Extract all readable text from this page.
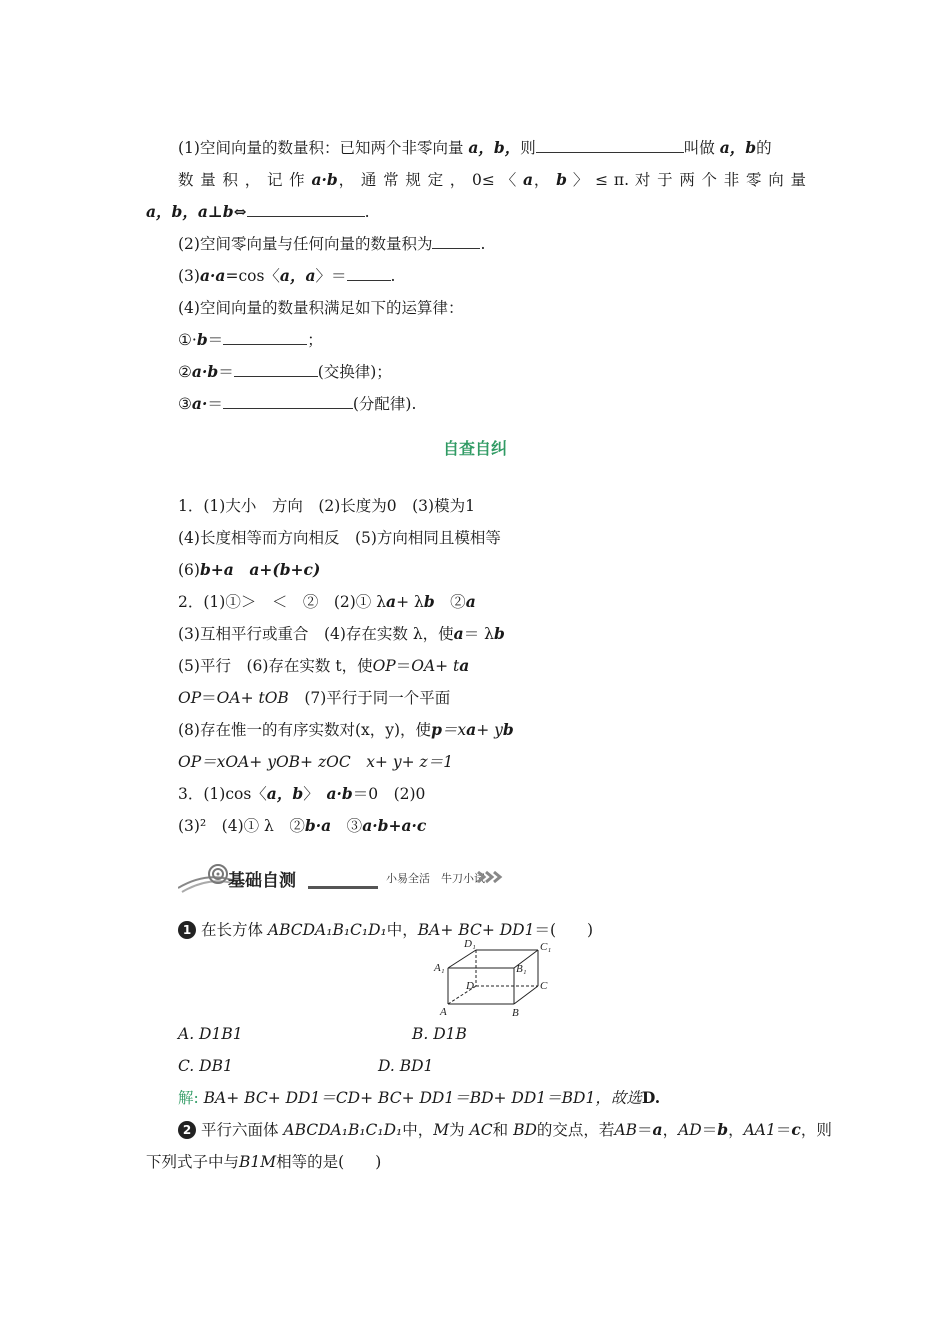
(1)空间向量的数量积：已知两个非零向量 a，b，则	叫做 a，b的
数 量 积 ， 记 作 a·b， 通 常 规 定 ， 0≤ 〈 a， b 〉 ≤ π. 对 于 两 个 非 零 向 量
a，b，a⊥b⇔	.
(2)空间零向量与任何向量的数量积为	.
(3)a·a=cos〈a，a〉＝	.
(4)空间向量的数量积满足如下的运算律：
①·b＝	；
②a·b＝	(交换律)；
③a·＝	(分配律).
自查自纠
1．(1)大小　方向　(2)长度为0　(3)模为1
(4)长度相等而方向相反　(5)方向相同且模相等
(6)b+a　a+(b+c)
2．(1)①＞　＜　②　(2)① λa+ λb　②a
(3)互相平行或重合　(4)存在实数 λ，使a＝ λb
(5)平行　(6)存在实数 t，使OP＝OA+ ta
OP＝OA+ tOB　(7)平行于同一个平面
(8)存在惟一的有序实数对(x，y)，使p＝xa+ yb
OP＝xOA+ yOB+ zOC　x+ y+ z＝1
3．(1)cos〈a，b〉　a·b＝0　(2)0
(3)²　(4)① λ　②b·a　③a·b+a·c
小易全活　牛刀小试
基础自测
1 在长方体 ABCDA₁B₁C₁D₁中，BA+ BC+ DD1＝(　　)
D₁	C₁
A₁	B₁
D	C
A	B
A. D1B1	B. D1B
C. DB1	D. BD1
解: BA+ BC+ DD1＝CD+ BC+ DD1＝BD+ DD1＝BD1，故选D.
2 平行六面体 ABCDA₁B₁C₁D₁中，M为 AC和 BD的交点，若AB＝a，AD＝b，AA1＝c，则
下列式子中与B1M相等的是(　　)
